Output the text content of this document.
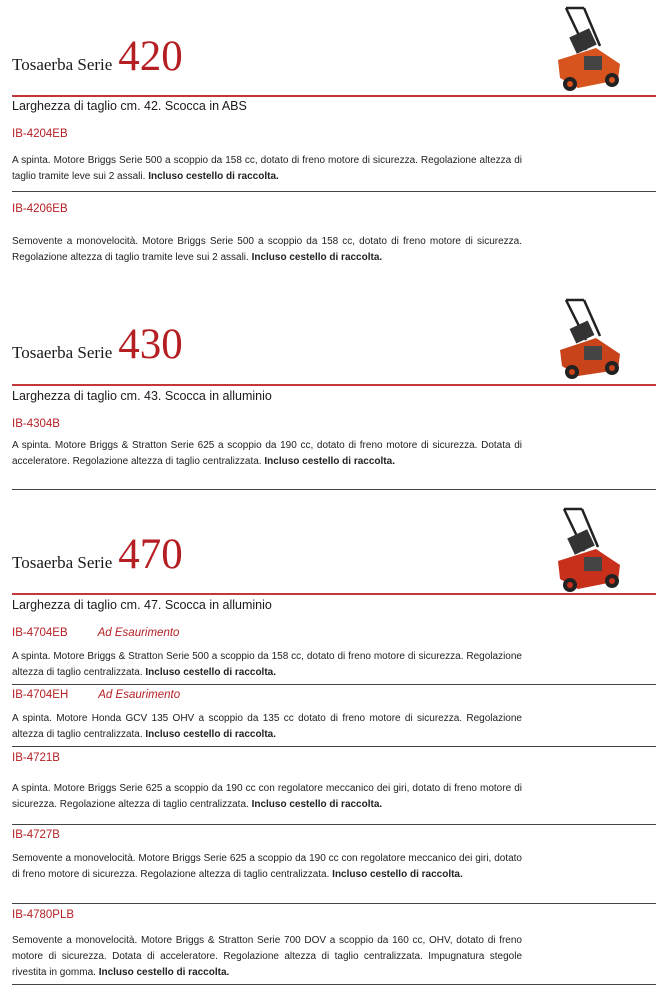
Tosaerba Serie 420
Larghezza di taglio cm. 42. Scocca in ABS
IB-4204EB
A spinta. Motore Briggs Serie 500 a scoppio da 158 cc, dotato di freno motore di sicurezza. Regolazione altezza di taglio tramite leve sui 2 assali. Incluso cestello di raccolta.
IB-4206EB
Semovente a monovelocità. Motore Briggs Serie 500 a scoppio da 158 cc, dotato di freno motore di sicurezza. Regolazione altezza di taglio tramite leve sui 2 assali. Incluso cestello di raccolta.
Tosaerba Serie 430
Larghezza di taglio cm. 43. Scocca in alluminio
IB-4304B
A spinta. Motore Briggs & Stratton Serie 625 a scoppio da 190 cc, dotato di freno motore di sicurezza. Dotata di acceleratore. Regolazione altezza di taglio centralizzata. Incluso cestello di raccolta.
Tosaerba Serie 470
Larghezza di taglio cm. 47. Scocca in alluminio
IB-4704EB	Ad Esaurimento
A spinta. Motore Briggs & Stratton Serie 500 a scoppio da 158 cc, dotato di freno motore di sicurezza. Regolazione altezza di taglio centralizzata. Incluso cestello di raccolta.
IB-4704EH	Ad Esaurimento
A spinta. Motore Honda GCV 135 OHV a scoppio da 135 cc dotato di freno motore di sicurezza. Regolazione altezza di taglio centralizzata. Incluso cestello di raccolta.
IB-4721B
A spinta. Motore Briggs Serie 625 a scoppio da 190 cc con regolatore meccanico dei giri, dotato di freno motore di sicurezza. Regolazione altezza di taglio centralizzata. Incluso cestello di raccolta.
IB-4727B
Semovente a monovelocità. Motore Briggs Serie 625 a scoppio da 190 cc con regolatore meccanico dei giri, dotato di freno motore di sicurezza. Regolazione altezza di taglio centralizzata. Incluso cestello di raccolta.
IB-4780PLB
Semovente a monovelocità. Motore Briggs & Stratton Serie 700 DOV a scoppio da 160 cc, OHV, dotato di freno motore di sicurezza. Dotata di acceleratore. Regolazione altezza di taglio centralizzata. Impugnatura stegole rivestita in gomma. Incluso cestello di raccolta.
